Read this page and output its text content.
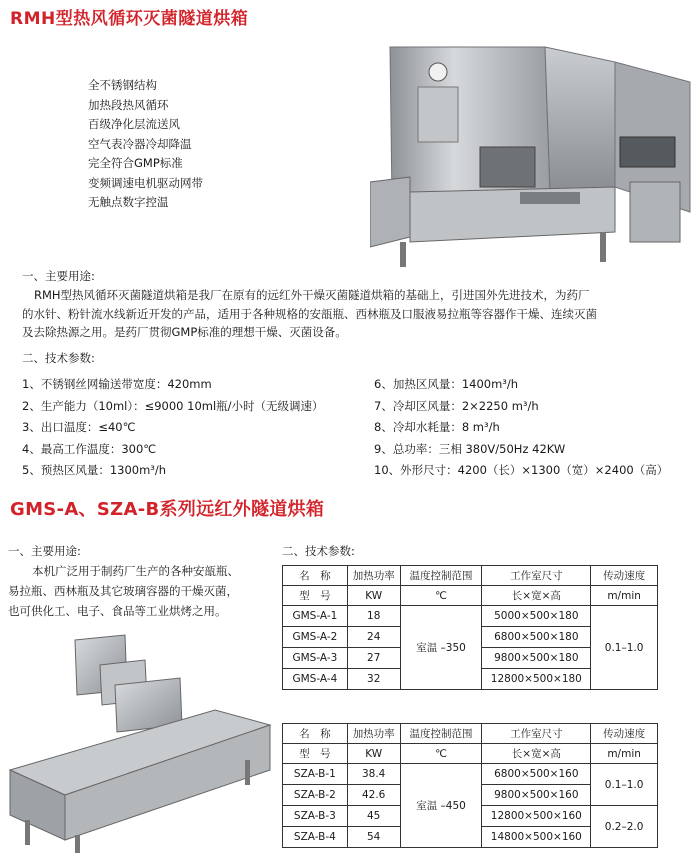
RMH型热风循环灭菌隧道烘箱
全不锈钢结构
加热段热风循环
百级净化层流送风
空气表冷器冷却降温
完全符合GMP标准
变频调速电机驱动网带
无触点数字控温
一、主要用途:
RMH型热风循环灭菌隧道烘箱是我厂在原有的远红外干燥灭菌隧道烘箱的基础上，引进国外先进技术，为药厂
的水针、粉针流水线新近开发的产品，适用于各种规格的安瓿瓶、西林瓶及口服液易拉瓶等容器作干燥、连续灭菌
及去除热源之用。是药厂贯彻GMP标准的理想干燥、灭菌设备。
二、技术参数:
1、不锈钢丝网输送带宽度：420mm
2、生产能力（10ml）：≤9000 10ml瓶/小时（无级调速）
3、出口温度：≤40℃
4、最高工作温度：300℃
5、预热区风量：1300m³/h
6、加热区风量：1400m³/h
7、冷却区风量：2×2250 m³/h
8、冷却水耗量：8 m³/h
9、总功率：三相 380V/50Hz 42KW
10、外形尺寸：4200（长）×1300（宽）×2400（高）
GMS-A、SZA-B系列远红外隧道烘箱
一、主要用途:
本机广泛用于制药厂生产的各种安瓿瓶、
易拉瓶、西林瓶及其它玻璃容器的干燥灭菌，
也可供化工、电子、食品等工业烘烤之用。
二、技术参数:
名　称	加热功率	温度控制范围	工作室尺寸	传动速度
型　号	KW	℃	长×宽×高	m/min
GMS-A-1	18	室温 –350	5000×500×180	0.1–1.0
GMS-A-2	24		6800×500×180	
GMS-A-3	27		9800×500×180	
GMS-A-4	32		12800×500×180	
名　称	加热功率	温度控制范围	工作室尺寸	传动速度
型　号	KW	℃	长×宽×高	m/min
SZA-B-1	38.4	室温 –450	6800×500×160	0.1–1.0
SZA-B-2	42.6		9800×500×160	
SZA-B-3	45		12800×500×160	0.2–2.0
SZA-B-4	54		14800×500×160	
